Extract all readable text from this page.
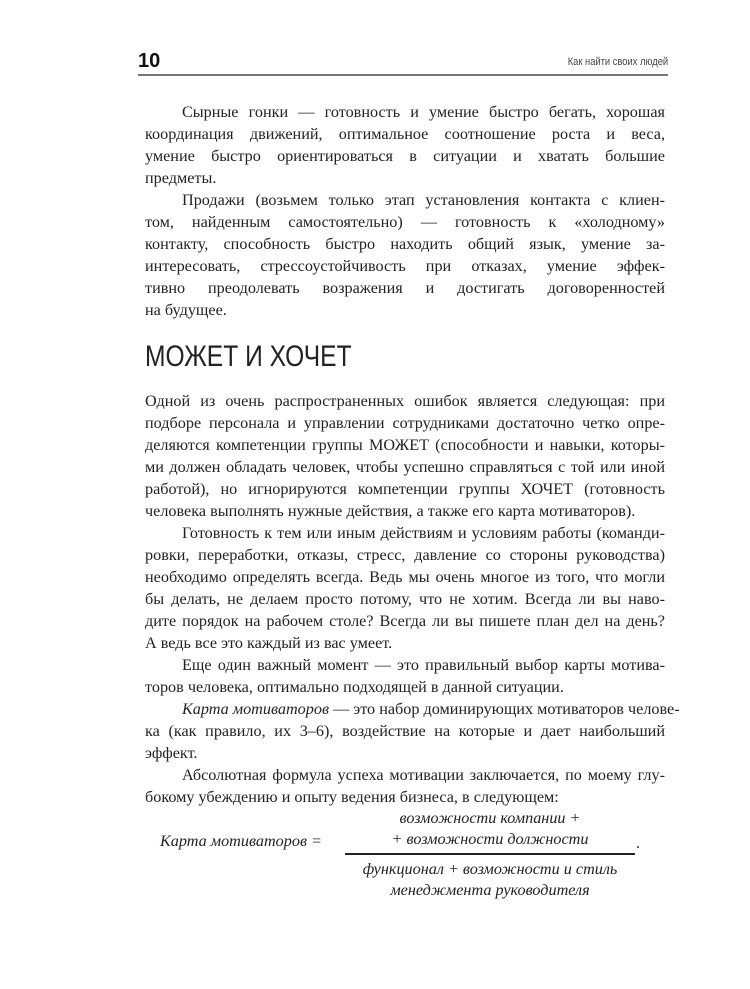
10	Как найти своих людей
Сырные гонки — готовность и умение быстро бегать, хорошая
координация движений, оптимальное соотношение роста и веса,
умение быстро ориентироваться в ситуации и хватать большие
предметы.
Продажи (возьмем только этап установления контакта с клиен-
том, найденным самостоятельно) — готовность к «холодному»
контакту, способность быстро находить общий язык, умение за-
интересовать, стрессоустойчивость при отказах, умение эффек-
тивно преодолевать возражения и достигать договоренностей
на будущее.
МОЖЕТ И ХОЧЕТ
Одной из очень распространенных ошибок является следующая: при
подборе персонала и управлении сотрудниками достаточно четко опре-
деляются компетенции группы МОЖЕТ (способности и навыки, которы-
ми должен обладать человек, чтобы успешно справляться с той или иной
работой), но игнорируются компетенции группы ХОЧЕТ (готовность
человека выполнять нужные действия, а также его карта мотиваторов).
Готовность к тем или иным действиям и условиям работы (команди-
ровки, переработки, отказы, стресс, давление со стороны руководства)
необходимо определять всегда. Ведь мы очень многое из того, что могли
бы делать, не делаем просто потому, что не хотим. Всегда ли вы наво-
дите порядок на рабочем столе? Всегда ли вы пишете план дел на день?
А ведь все это каждый из вас умеет.
Еще один важный момент — это правильный выбор карты мотива-
торов человека, оптимально подходящей в данной ситуации.
Карта мотиваторов — это набор доминирующих мотиваторов челове-
ка (как правило, их 3–6), воздействие на которые и дает наибольший
эффект.
Абсолютная формула успеха мотивации заключается, по моему глу-
бокому убеждению и опыту ведения бизнеса, в следующем:
Карта мотиваторов =
возможности компании +
+ возможности должности
функционал + возможности и стиль
менеджмента руководителя
.
